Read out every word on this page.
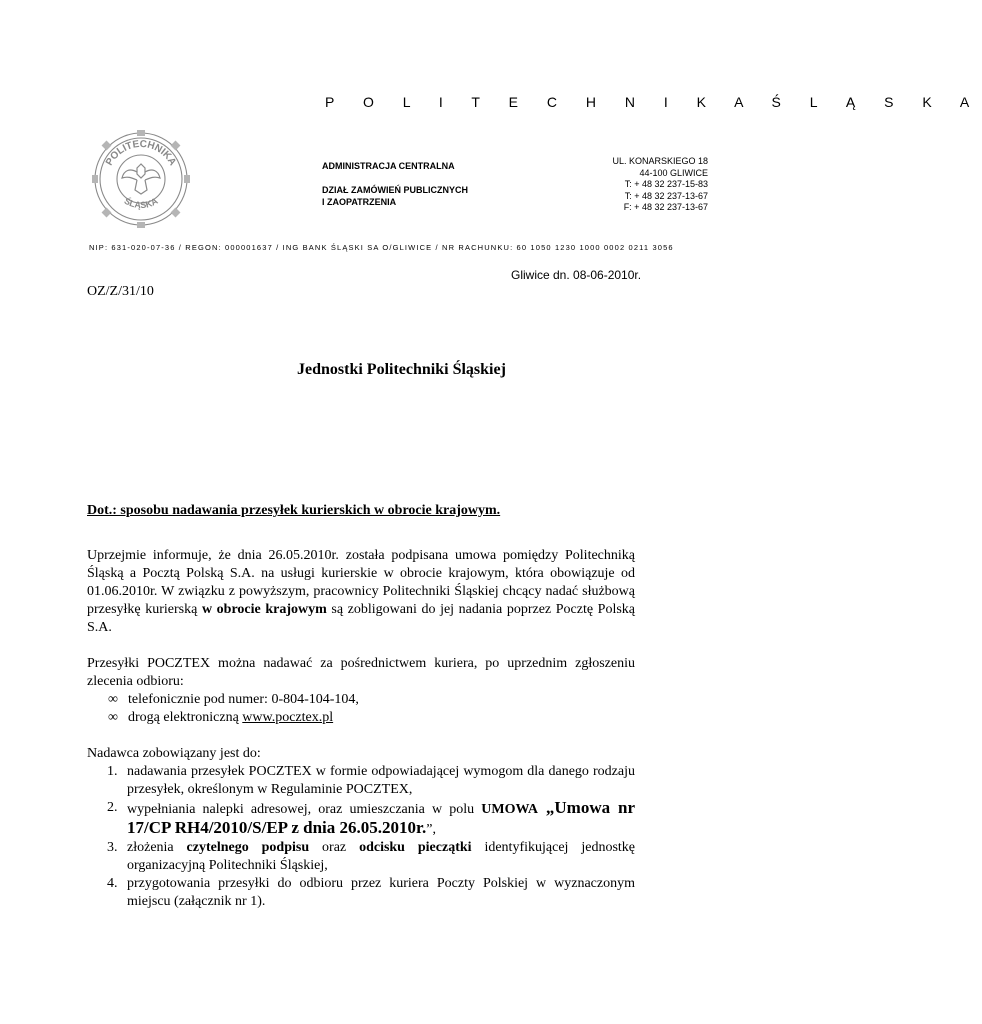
P O L I T E C H N I K A Ś L Ą S K A
POLITECHNIKA
ŚLĄSKA
ADMINISTRACJA CENTRALNA
DZIAŁ ZAMÓWIEŃ PUBLICZNYCH
I ZAOPATRZENIA
UL. KONARSKIEGO 18
44-100 GLIWICE
T: + 48 32 237-15-83
T: + 48 32 237-13-67
F: + 48 32 237-13-67
NIP: 631-020-07-36 / REGON: 000001637 / ING BANK ŚLĄSKI SA O/GLIWICE / NR RACHUNKU: 60 1050 1230 1000 0002 0211 3056
Gliwice dn. 08-06-2010r.
OZ/Z/31/10
Jednostki Politechniki Śląskiej
Dot.: sposobu nadawania przesyłek kurierskich w obrocie krajowym.

Uprzejmie informuje, że dnia 26.05.2010r. została podpisana umowa pomiędzy Politechniką Śląską a Pocztą Polską S.A. na usługi kurierskie w obrocie krajowym, która obowiązuje od 01.06.2010r. W związku z powyższym, pracownicy Politechniki Śląskiej chcący nadać służbową przesyłkę kurierską w obrocie krajowym są zobligowani do jej nadania poprzez Pocztę Polską S.A.

Przesyłki POCZTEX można nadawać za pośrednictwem kuriera, po uprzednim zgłoszeniu zlecenia odbioru:

∞ telefonicznie pod numer: 0-804-104-104,
∞ drogą elektroniczną www.pocztex.pl

Nadawca zobowiązany jest do:

1. nadawania przesyłek POCZTEX w formie odpowiadającej wymogom dla danego rodzaju przesyłek, określonym w Regulaminie POCZTEX,
2. wypełniania nalepki adresowej, oraz umieszczania w polu UMOWA „Umowa nr 17/CP RH4/2010/S/EP z dnia 26.05.2010r.”,
3. złożenia czytelnego podpisu oraz odcisku pieczątki identyfikującej jednostkę organizacyjną Politechniki Śląskiej,
4. przygotowania przesyłki do odbioru przez kuriera Poczty Polskiej w wyznaczonym miejscu (załącznik nr 1).
